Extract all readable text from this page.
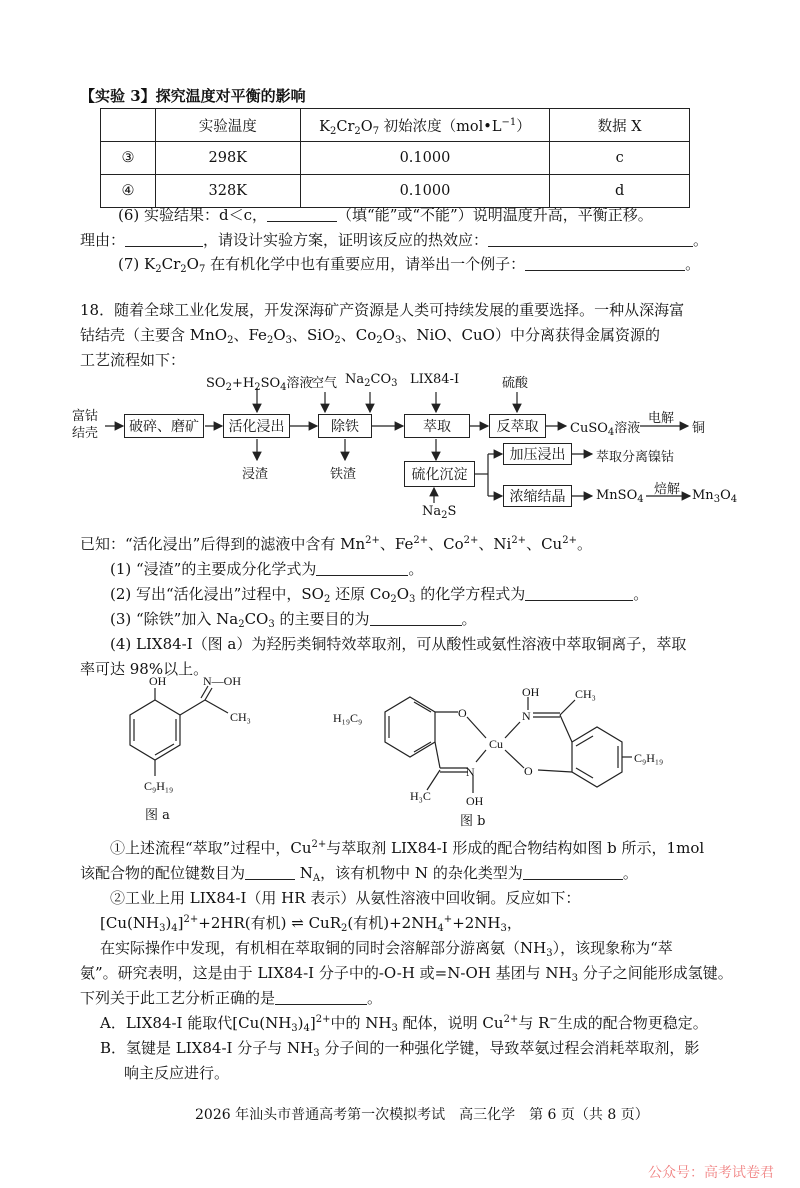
【实验 3】探究温度对平衡的影响
	实验温度	$K_2Cr_2O_7$ 初始浓度$(mol•L^{-1})$	数据 X
③	298K	0.1000	c
④	328K	0.1000	d
(6) 实验结果：d＜c，	（填“能”或“不能”）说明温度升高，平衡正移。
理由：	，请设计实验方案，证明该反应的热效应：	。
(7) $K_2Cr_2O_7$ 在有机化学中也有重要应用，请举出一个例子：	。
18．随着全球工业化发展，开发深海矿产资源是人类可持续发展的重要选择。一种从深海富
钴结壳（主要含 MnO$_2$、$Fe_2O_3$、SiO$_2$、$Co_2O_3$、NiO、CuO）中分离获得金属资源的
工艺流程如下：
富钴
结壳	破碎、磨矿	活化浸出	除铁	萃取	反萃取
硫化沉淀
加压浸出
浓缩结晶
$SO_2+H_2SO_4$溶液
空气 $Na_2CO_3$ LIX84-I	硫酸
浸渣	铁渣
$Na_2S$
CuSO$_4$溶液
电解
铜
萃取分离镍钴
MnSO$_4$
焙解 $Mn_3O_4$
已知：“活化浸出”后得到的滤液中含有 $Mn^{2+}$、$Fe^{2+}$、$Co^{2+}$、$Ni^{2+}$、$Cu^{2+}$。
(1) “浸渣”的主要成分化学式为	。
(2) 写出“活化浸出”过程中，$SO_2$ 还原 $Co_2O_3$ 的化学方程式为	。
(3) “除铁”加入 $Na_2CO_3$ 的主要目的为	。
(4) LIX84-I（图 a）为羟肟类铜特效萃取剂，可从酸性或氨性溶液中萃取铜离子，萃取
率可达 98%以上。
OH	N—OH
CH₃
C₉H₁₉
图 a
H₁₉C₉	O
Cu
N
OH
H₃C
OH
N
CH₃
O
C₉H₁₉
图 b
①上述流程“萃取”过程中，$Cu^{2+}$与萃取剂 LIX84-I 形成的配合物结构如图 b 所示，1mol
该配合物的配位键数目为	$N_A$，该有机物中 N 的杂化类型为	。
②工业上用 LIX84-I（用 HR 表示）从氨性溶液中回收铜。反应如下：
$[Cu(NH_3)_4]^{2+}+2HR$(有机) ⇌ CuR$_2$(有机)$+2NH_4^++2NH_3$，
在实际操作中发现，有机相在萃取铜的同时会溶解部分游离氨$(NH_3)$，该现象称为“萃
氨”。研究表明，这是由于 LIX84-I 分子中的-O-H 或=N-OH 基团与 $NH_3$ 分子之间能形成氢键。
下列关于此工艺分析正确的是	。
A．LIX84-I 能取代$[Cu(NH_3)_4]^{2+}$中的 $NH_3$ 配体，说明 $Cu^{2+}$与 R−生成的配合物更稳定。
B．氢键是 LIX84-I 分子与 $NH_3$ 分子间的一种强化学键，导致萃氨过程会消耗萃取剂，影
响主反应进行。
2026 年汕头市普通高考第一次模拟考试　高三化学　第 6 页（共 8 页）
公众号：高考试卷君
